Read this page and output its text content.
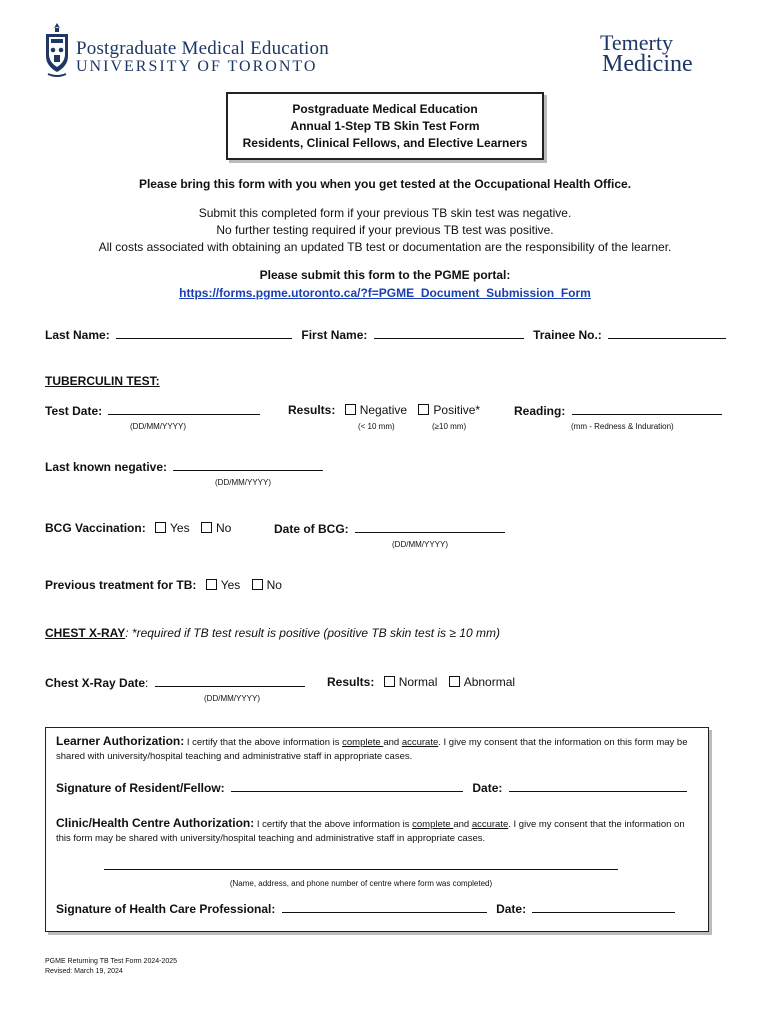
Postgraduate Medical Education
UNIVERSITY OF TORONTO
Temerty
Medicine
Postgraduate Medical Education
Annual 1-Step TB Skin Test Form
Residents, Clinical Fellows, and Elective Learners
Please bring this form with you when you get tested at the Occupational Health Office.
Submit this completed form if your previous TB skin test was negative.
No further testing required if your previous TB test was positive.
All costs associated with obtaining an updated TB test or documentation are the responsibility of the learner.
Please submit this form to the PGME portal:
https://forms.pgme.utoronto.ca/?f=PGME_Document_Submission_Form
Last Name:	First Name:	Trainee No.:
TUBERCULIN TEST:
Test Date:
(DD/MM/YYYY)
Results: Negative Positive*
(< 10 mm)	(≥10 mm)
Reading:
(mm - Redness & Induration)
Last known negative:
(DD/MM/YYYY)
BCG Vaccination: Yes No	Date of BCG:
(DD/MM/YYYY)
Previous treatment for TB: Yes No
CHEST X-RAY: *required if TB test result is positive (positive TB skin test is ≥ 10 mm)
Chest X-Ray Date:
(DD/MM/YYYY)
Results: Normal Abnormal
Learner Authorization: I certify that the above information is complete and accurate. I give my consent that the information on this form may be shared with university/hospital teaching and administrative staff in appropriate cases.
Signature of Resident/Fellow:	Date:
Clinic/Health Centre Authorization: I certify that the above information is complete and accurate. I give my consent that the information on this form may be shared with university/hospital teaching and administrative staff in appropriate cases.
(Name, address, and phone number of centre where form was completed)
Signature of Health Care Professional:	Date:
PGME Returning TB Test Form 2024-2025
Revised: March 19, 2024
